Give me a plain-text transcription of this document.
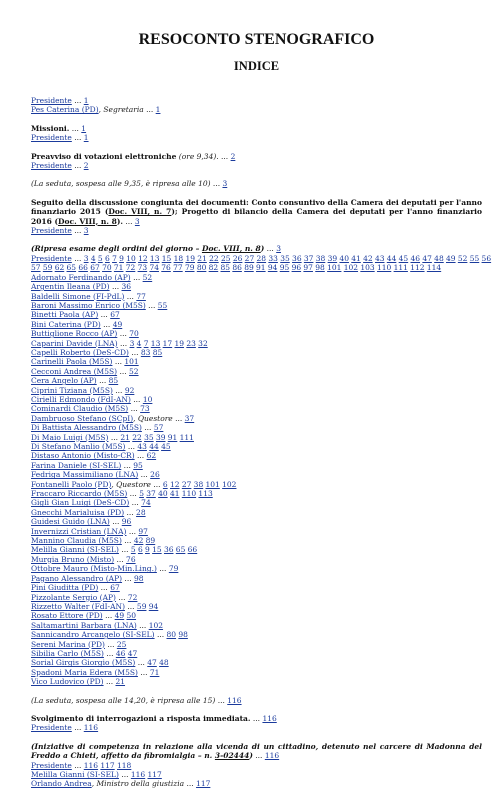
RESOCONTO STENOGRAFICO
INDICE
Presidente ... 1
Pes Caterina (PD), Segretaria ... 1
Missioni. ... 1
Presidente ... 1
Preavviso di votazioni elettroniche (ore 9,34). ... 2
Presidente ... 2
(La seduta, sospesa alle 9,35, è ripresa alle 10) ... 3
Seguito della discussione congiunta dei documenti: Conto consuntivo della Camera dei deputati per l'anno finanziario 2015 (Doc. VIII, n. 7); Progetto di bilancio della Camera dei deputati per l'anno finanziario 2016 (Doc. VIII, n. 8). ... 3
Presidente ... 3
(Ripresa esame degli ordini del giorno – Doc. VIII, n. 8) ... 3
Presidente ... 3 4 5 6 7 9 10 12 13 15 18 19 21 22 25 26 27 28 33 35 36 37 38 39 40 41 42 43 44 45 46 47 48 49 52 55 56
57 59 62 65 66 67 70 71 72 73 74 76 77 79 80 82 85 86 89 91 94 95 96 97 98 101 102 103 110 111 112 114
Adornato Ferdinando (AP) ... 52
Argentin Ileana (PD) ... 36
Baldelli Simone (FI-PdL) ... 77
Baroni Massimo Enrico (M5S) ... 55
Binetti Paola (AP) ... 67
Bini Caterina (PD) ... 49
Buttiglione Rocco (AP) ... 70
Caparini Davide (LNA) ... 3 4 7 13 17 19 23 32
Capelli Roberto (DeS-CD) ... 83 85
Carinelli Paola (M5S) ... 101
Cecconi Andrea (M5S) ... 52
Cera Angelo (AP) ... 85
Ciprini Tiziana (M5S) ... 92
Cirielli Edmondo (FdI-AN) ... 10
Cominardi Claudio (M5S) ... 73
Dambruoso Stefano (SCpI), Questore ... 37
Di Battista Alessandro (M5S) ... 57
Di Maio Luigi (M5S) ... 21 22 35 39 91 111
Di Stefano Manlio (M5S) ... 43 44 45
Distaso Antonio (Misto-CR) ... 62
Farina Daniele (SI-SEL) ... 95
Fedriga Massimiliano (LNA) ... 26
Fontanelli Paolo (PD), Questore ... 6 12 27 38 101 102
Fraccaro Riccardo (M5S) ... 5 37 40 41 110 113
Gigli Gian Luigi (DeS-CD) ... 74
Gnecchi Marialuisa (PD) ... 28
Guidesi Guido (LNA) ... 96
Invernizzi Cristian (LNA) ... 97
Mannino Claudia (M5S) ... 42 89
Melilla Gianni (SI-SEL) ... 5 6 9 15 36 65 66
Murgia Bruno (Misto) ... 76
Ottobre Mauro (Misto-Min.Ling.) ... 79
Pagano Alessandro (AP) ... 98
Pini Giuditta (PD) ... 67
Pizzolante Sergio (AP) ... 72
Rizzetto Walter (FdI-AN) ... 59 94
Rosato Ettore (PD) ... 49 50
Saltamartini Barbara (LNA) ... 102
Sannicandro Arcangelo (SI-SEL) ... 80 98
Sereni Marina (PD) ... 25
Sibilia Carlo (M5S) ... 46 47
Sorial Girgis Giorgio (M5S) ... 47 48
Spadoni Maria Edera (M5S) ... 71
Vico Ludovico (PD) ... 21
(La seduta, sospesa alle 14,20, è ripresa alle 15) ... 116
Svolgimento di interrogazioni a risposta immediata. ... 116
Presidente ... 116
(Iniziative di competenza in relazione alla vicenda di un cittadino, detenuto nel carcere di Madonna del Freddo a Chieti, affetto da fibromialgia – n. 3-02444) ... 116
Presidente ... 116 117 118
Melilla Gianni (SI-SEL) ... 116 117
Orlando Andrea, Ministro della giustizia ... 117
